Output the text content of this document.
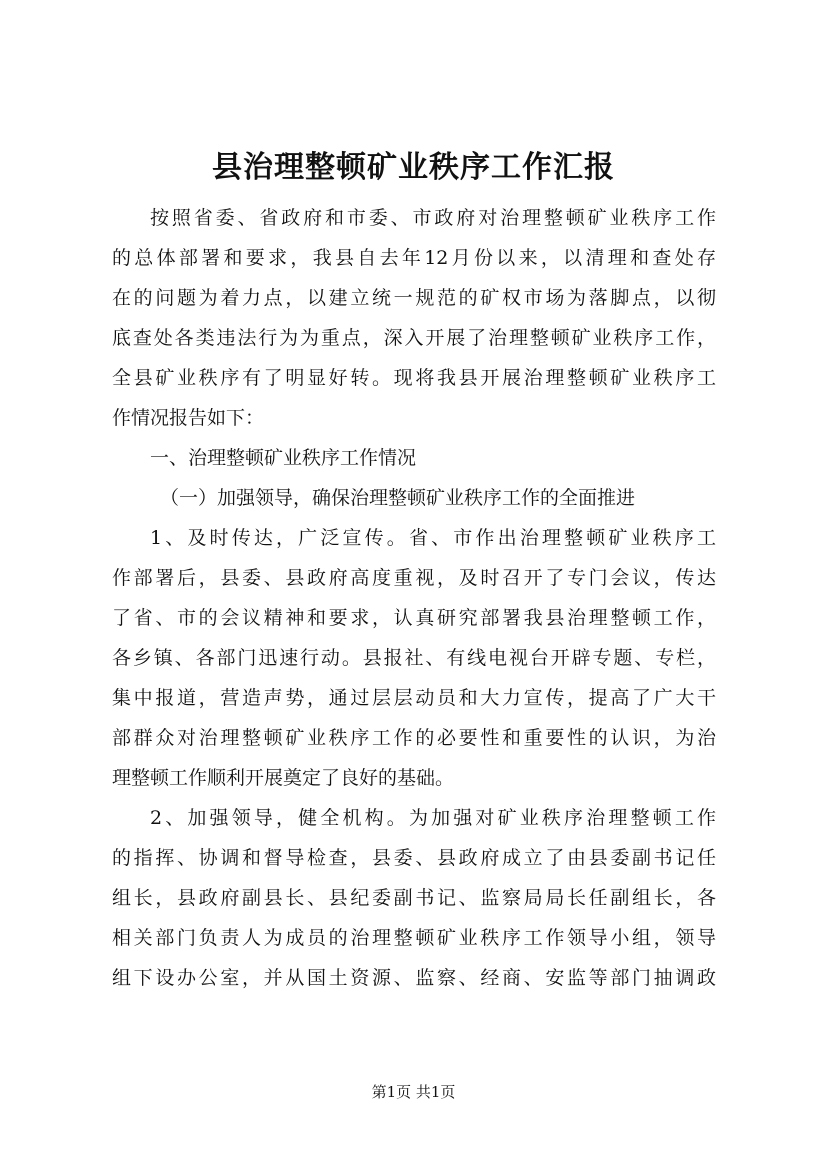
县治理整顿矿业秩序工作汇报
按照省委、省政府和市委、市政府对治理整顿矿业秩序工作
的总体部署和要求，我县自去年12月份以来，以清理和查处存
在的问题为着力点，以建立统一规范的矿权市场为落脚点，以彻
底查处各类违法行为为重点，深入开展了治理整顿矿业秩序工作，
全县矿业秩序有了明显好转。现将我县开展治理整顿矿业秩序工
作情况报告如下：
一、治理整顿矿业秩序工作情况
（一）加强领导，确保治理整顿矿业秩序工作的全面推进
1、及时传达，广泛宣传。省、市作出治理整顿矿业秩序工
作部署后，县委、县政府高度重视，及时召开了专门会议，传达
了省、市的会议精神和要求，认真研究部署我县治理整顿工作，
各乡镇、各部门迅速行动。县报社、有线电视台开辟专题、专栏，
集中报道，营造声势，通过层层动员和大力宣传，提高了广大干
部群众对治理整顿矿业秩序工作的必要性和重要性的认识，为治
理整顿工作顺利开展奠定了良好的基础。
2、加强领导，健全机构。为加强对矿业秩序治理整顿工作
的指挥、协调和督导检查，县委、县政府成立了由县委副书记任
组长，县政府副县长、县纪委副书记、监察局局长任副组长，各
相关部门负责人为成员的治理整顿矿业秩序工作领导小组，领导
组下设办公室，并从国土资源、监察、经商、安监等部门抽调政
第1页 共1页
